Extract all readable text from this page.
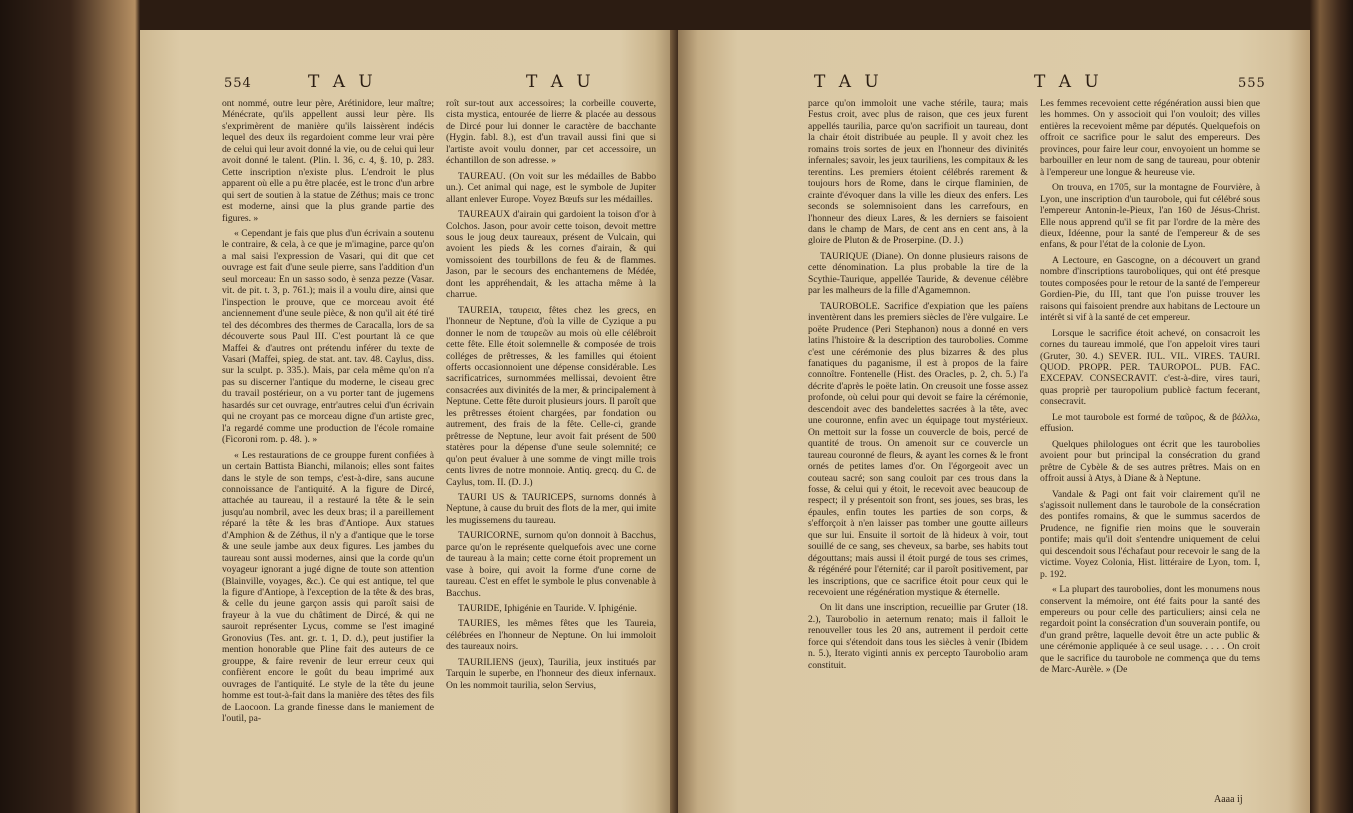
554	T A U	T A U

ont nommé, outre leur père, Arétinidore, leur maître; Ménécrate, qu'ils appellent aussi leur père. Ils s'exprimèrent de manière qu'ils laissèrent indécis lequel des deux ils regardoient comme leur vrai père de celui qui leur avoit donné la vie, ou de celui qui leur avoit donné le talent. (Plin. l. 36, c. 4, §. 10, p. 283. Cette inscription n'existe plus. L'endroit le plus apparent où elle a pu être placée, est le tronc d'un arbre qui sert de soutien à la statue de Zéthus; mais ce tronc est moderne, ainsi que la plus grande partie des figures. »

« Cependant je fais que plus d'un écrivain a soutenu le contraire, & cela, à ce que je m'imagine, parce qu'on a mal saisi l'expression de Vasari, qui dit que cet ouvrage est fait d'une seule pierre, sans l'addition d'un seul morceau: En un sasso sodo, è senza pezze (Vasar. vit. de pit. t. 3, p. 761.); mais il a voulu dire, ainsi que l'inspection le prouve, que ce morceau avoit été anciennement d'une seule pièce, & non qu'il ait été tiré tel des décombres des thermes de Caracalla, lors de sa découverte sous Paul III. C'est pourtant là ce que Maffei & d'autres ont prétendu inférer du texte de Vasari (Maffei, spieg. de stat. ant. tav. 48. Caylus, diss. sur la sculpt. p. 335.). Mais, par cela même qu'on n'a pas su discerner l'antique du moderne, le ciseau grec du travail postérieur, on a vu porter tant de jugemens hasardés sur cet ouvrage, entr'autres celui d'un écrivain qui ne croyant pas ce morceau digne d'un artiste grec, l'a regardé comme une production de l'école romaine (Ficoroni rom. p. 48. ). »

« Les restaurations de ce grouppe furent confiées à un certain Battista Bianchi, milanois; elles sont faites dans le style de son temps, c'est-à-dire, sans aucune connoissance de l'antiquité. A la figure de Dircé, attachée au taureau, il a restauré la tête & le sein jusqu'au nombril, avec les deux bras; il a pareillement réparé la tête & les bras d'Antiope. Aux statues d'Amphion & de Zéthus, il n'y a d'antique que le torse & une seule jambe aux deux figures. Les jambes du taureau sont aussi modernes, ainsi que la corde qu'un voyageur ignorant a jugé digne de toute son attention (Blainville, voyages, &c.). Ce qui est antique, tel que la figure d'Antiope, à l'exception de la tête & des bras, & celle du jeune garçon assis qui paroît saisi de frayeur à la vue du châtiment de Dircé, & qui ne sauroit représenter Lycus, comme se l'est imaginé Gronovius (Tes. ant. gr. t. 1, D. d.), peut justifier la mention honorable que Pline fait des auteurs de ce grouppe, & faire revenir de leur erreur ceux qui confièrent encore le goût du beau imprimé aux ouvrages de l'antiquité. Le style de la tête du jeune homme est tout-à-fait dans la manière des têtes des fils de Laocoon. La grande finesse dans le maniement de l'outil, pa-

roît sur-tout aux accessoires; la corbeille couverte, cista mystica, entourée de lierre & placée au dessous de Dircé pour lui donner le caractère de bacchante (Hygin. fabl. 8.), est d'un travail aussi fini que si l'artiste avoit voulu donner, par cet accessoire, un échantillon de son adresse. »

TAUREAU. (On voit sur les médailles de Babbo un.). Cet animal qui nage, est le symbole de Jupiter allant enlever Europe. Voyez Bœufs sur les médailles.

TAUREAUX d'airain qui gardoient la toison d'or à Colchos. Jason, pour avoir cette toison, devoit mettre sous le joug deux taureaux, présent de Vulcain, qui avoient les pieds & les cornes d'airain, & qui vomissoient des tourbillons de feu & de flammes. Jason, par le secours des enchantemens de Médée, dont les appréhendait, & les attacha même à la charrue.

TAUREIA, ταυρεια, fêtes chez les grecs, en l'honneur de Neptune, d'où la ville de Cyzique a pu donner le nom de ταυρεῶν au mois où elle célébroit cette fête. Elle étoit solemnelle & composée de trois colléges de prêtresses, & les familles qui étoient offerts occasionnoient une dépense considérable. Les sacrificatrices, surnommées mellissai, devoient être consacrées aux divinités de la mer, & principalement à Neptune. Cette fête duroit plusieurs jours. Il paroît que les prêtresses étoient chargées, par fondation ou autrement, des frais de la fête. Celle-ci, grande prêtresse de Neptune, leur avoit fait présent de 500 statères pour la dépense d'une seule solemnité; ce qu'on peut évaluer à une somme de vingt mille trois cents livres de notre monnoie. Antiq. grecq. du C. de Caylus, tom. II. (D. J.)

TAURI US & TAURICEPS, surnoms donnés à Neptune, à cause du bruit des flots de la mer, qui imite les mugissemens du taureau.

TAURICORNE, surnom qu'on donnoit à Bacchus, parce qu'on le représente quelquefois avec une corne de taureau à la main; cette corne étoit proprement un vase à boire, qui avoit la forme d'une corne de taureau. C'est en effet le symbole le plus convenable à Bacchus.

TAURIDE, Iphigénie en Tauride. V. Iphigénie.

TAURIES, les mêmes fêtes que les Taureia, célébrées en l'honneur de Neptune. On lui immoloit des taureaux noirs.

TAURILIENS (jeux), Taurilia, jeux institués par Tarquin le superbe, en l'honneur des dieux infernaux. On les nommoit taurilia, selon Servius,

T A U	T A U	555

parce qu'on immoloit une vache stérile, taura; mais Festus croit, avec plus de raison, que ces jeux furent appellés taurilia, parce qu'on sacrifioit un taureau, dont la chair étoit distribuée au peuple. Il y avoit chez les romains trois sortes de jeux en l'honneur des divinités infernales; savoir, les jeux tauriliens, les compitaux & les terentins. Les premiers étoient célébrés rarement & toujours hors de Rome, dans le cirque flaminien, de crainte d'évoquer dans la ville les dieux des enfers. Les seconds se solemnisoient dans les carrefours, en l'honneur des dieux Lares, & les derniers se faisoient dans le champ de Mars, de cent ans en cent ans, à la gloire de Pluton & de Proserpine. (D. J.)

TAURIQUE (Diane). On donne plusieurs raisons de cette dénomination. La plus probable la tire de la Scythie-Taurique, appellée Tauride, & devenue célèbre par les malheurs de la fille d'Agamemnon.

TAUROBOLE. Sacrifice d'expiation que les païens inventèrent dans les premiers siècles de l'ère vulgaire. Le poëte Prudence (Peri Stephanon) nous a donné en vers latins l'histoire & la description des taurobolies. Comme c'est une cérémonie des plus bizarres & des plus fanatiques du paganisme, il est à propos de la faire connoître. Fontenelle (Hist. des Oracles, p. 2, ch. 5.) l'a décrite d'après le poëte latin. On creusoit une fosse assez profonde, où celui pour qui devoit se faire la cérémonie, descendoit avec des bandelettes sacrées à la tête, avec une couronne, enfin avec un équipage tout mystérieux. On mettoit sur la fosse un couvercle de bois, percé de quantité de trous. On amenoit sur ce couvercle un taureau couronné de fleurs, & ayant les cornes & le front ornés de petites lames d'or. On l'égorgeoit avec un couteau sacré; son sang couloit par ces trous dans la fosse, & celui qui y étoit, le recevoit avec beaucoup de respect; il y présentoit son front, ses joues, ses bras, les épaules, enfin toutes les parties de son corps, & s'efforçoit à n'en laisser pas tomber une goutte ailleurs que sur lui. Ensuite il sortoit de là hideux à voir, tout souillé de ce sang, ses cheveux, sa barbe, ses habits tout dégouttans; mais aussi il étoit purgé de tous ses crimes, & régénéré pour l'éternité; car il paroît positivement, par les inscriptions, que ce sacrifice étoit pour ceux qui le recevoient une régénération mystique & éternelle.

On lit dans une inscription, recueillie par Gruter (18. 2.), Taurobolio in aeternum renato; mais il falloit le renouveller tous les 20 ans, autrement il perdoit cette force qui s'étendoit dans tous les siècles à venir (Ibidem n. 5.), Iterato viginti annis ex percepto Taurobolio aram constituit.

Les femmes recevoient cette régénération aussi bien que les hommes. On y associoit qui l'on vouloit; des villes entières la recevoient même par députés. Quelquefois on offroit ce sacrifice pour le salut des empereurs. Des provinces, pour faire leur cour, envoyoient un homme se barbouiller en leur nom de sang de taureau, pour obtenir à l'empereur une longue & heureuse vie.

On trouva, en 1705, sur la montagne de Fourvière, à Lyon, une inscription d'un taurobole, qui fut célébré sous l'empereur Antonin-le-Pieux, l'an 160 de Jésus-Christ. Elle nous apprend qu'il se fit par l'ordre de la mère des dieux, Idéenne, pour la santé de l'empereur & de ses enfans, & pour l'état de la colonie de Lyon.

A Lectoure, en Gascogne, on a découvert un grand nombre d'inscriptions tauroboliques, qui ont été presque toutes composées pour le retour de la santé de l'empereur Gordien-Pie, du III, tant que l'on puisse trouver les raisons qui faisoient prendre aux habitans de Lectoure un intérêt si vif à la santé de cet empereur.

Lorsque le sacrifice étoit achevé, on consacroit les cornes du taureau immolé, que l'on appeloit vires tauri (Gruter, 30. 4.) SEVER. IUL. VIL. VIRES. TAURI. QUOD. PROPR. PER. TAUROPOL. PUB. FAC. EXCEPAV. CONSECRAVIT. c'est-à-dire, vires tauri, quas propriè per tauropolium publicè factum fecerant, consecravit.

Le mot taurobole est formé de ταῦρος, & de βάλλω, effusion.

Quelques philologues ont écrit que les taurobolies avoient pour but principal la consécration du grand prêtre de Cybèle & de ses autres prêtres. Mais on en offroit aussi à Atys, à Diane & à Neptune.

Vandale & Pagi ont fait voir clairement qu'il ne s'agissoit nullement dans le taurobole de la consécration des pontifes romains, & que le summus sacerdos de Prudence, ne fignifie rien moins que le souverain pontife; mais qu'il doit s'entendre uniquement de celui qui descendoit sous l'échafaut pour recevoir le sang de la victime. Voyez Colonia, Hist. littéraire de Lyon, tom. I, p. 192.

« La plupart des taurobolies, dont les monumens nous conservent la mémoire, ont été faits pour la santé des empereurs ou pour celle des particuliers; ainsi cela ne regardoit point la consécration d'un souverain pontife, ou d'un grand prêtre, laquelle devoit être un acte public & une cérémonie appliquée à ce seul usage. . . . . On croit que le sacrifice du taurobole ne commença que du tems de Marc-Aurèle. » (De

Aaaa ij
